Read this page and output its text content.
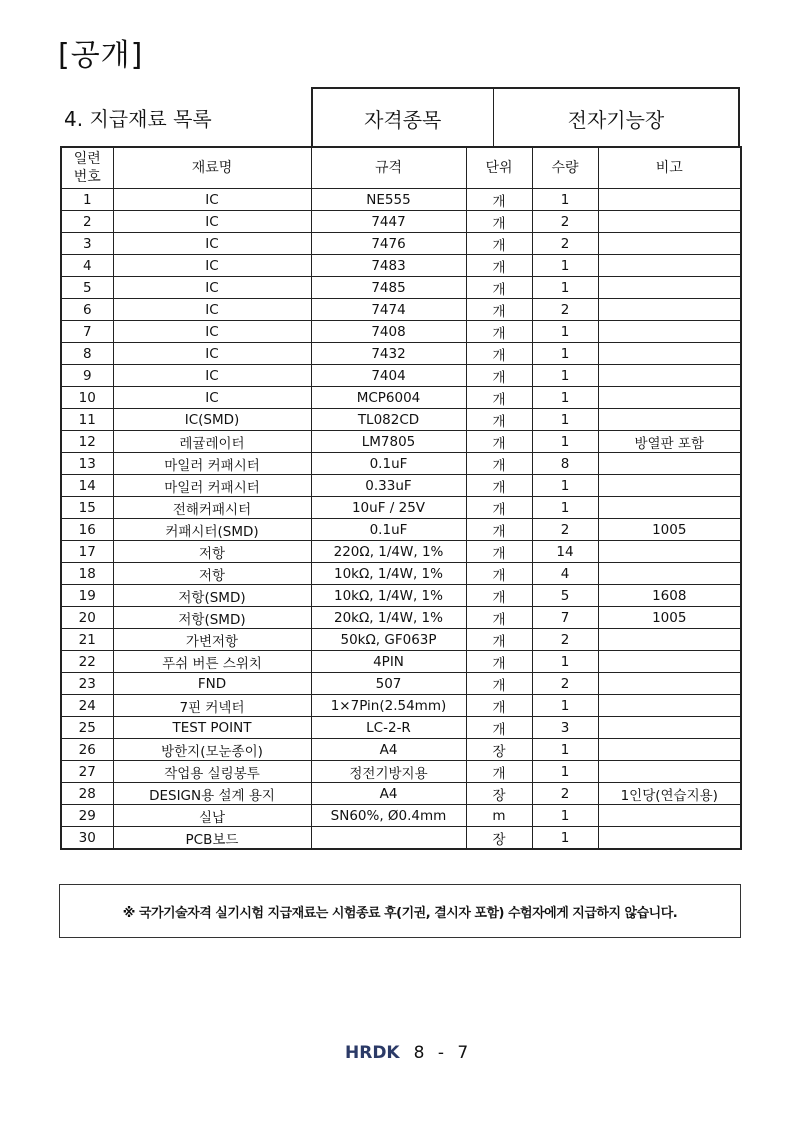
[공개]
4. 지급재료 목록	자격종목	전자기능장
일련
번호	재료명	규격	단위	수량	비고
1	IC	NE555	개	1	
2	IC	7447	개	2	
3	IC	7476	개	2	
4	IC	7483	개	1	
5	IC	7485	개	1	
6	IC	7474	개	2	
7	IC	7408	개	1	
8	IC	7432	개	1	
9	IC	7404	개	1	
10	IC	MCP6004	개	1	
11	IC(SMD)	TL082CD	개	1	
12	레귤레이터	LM7805	개	1	방열판 포함
13	마일러 커패시터	0.1uF	개	8	
14	마일러 커패시터	0.33uF	개	1	
15	전해커패시터	10uF / 25V	개	1	
16	커패시터(SMD)	0.1uF	개	2	1005
17	저항	220Ω, 1/4W, 1%	개	14	
18	저항	10kΩ, 1/4W, 1%	개	4	
19	저항(SMD)	10kΩ, 1/4W, 1%	개	5	1608
20	저항(SMD)	20kΩ, 1/4W, 1%	개	7	1005
21	가변저항	50kΩ, GF063P	개	2	
22	푸쉬 버튼 스위치	4PIN	개	1	
23	FND	507	개	2	
24	7핀 커넥터	1×7Pin(2.54mm)	개	1	
25	TEST POINT	LC-2-R	개	3	
26	방한지(모눈종이)	A4	장	1	
27	작업용 실링봉투	정전기방지용	개	1	
28	DESIGN용 설계 용지	A4	장	2	1인당(연습지용)
29	실납	SN60%, Ø0.4mm	m	1	
30	PCB보드		장	1	
※ 국가기술자격 실기시험 지급재료는 시험종료 후(기권, 결시자 포함) 수험자에게 지급하지 않습니다.
HRDK 8 - 7
